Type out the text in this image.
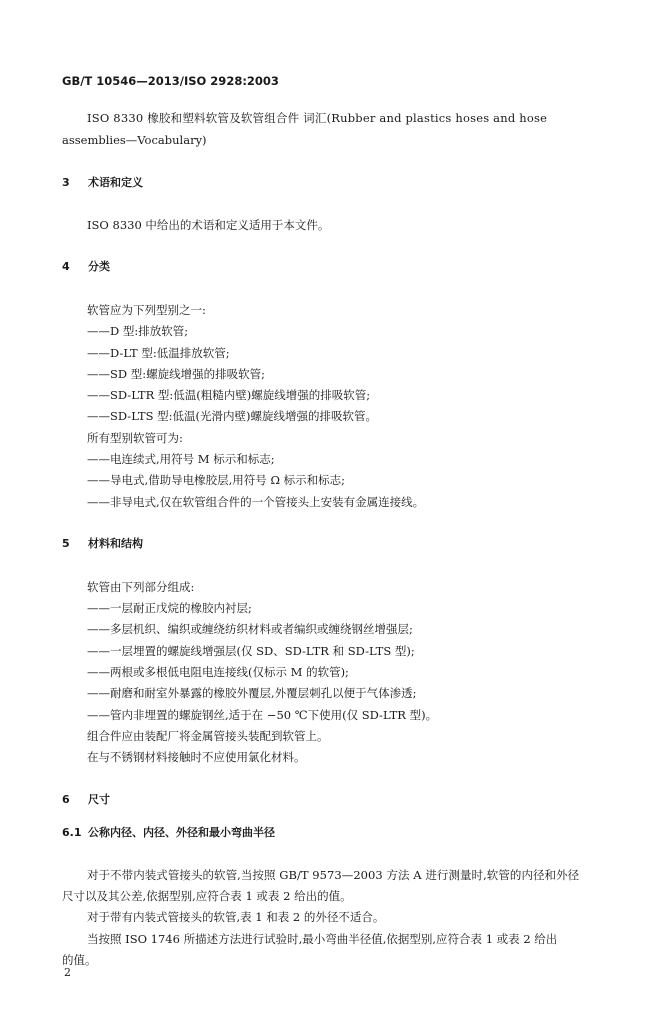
GB/T 10546—2013/ISO 2928:2003
ISO 8330 橡胶和塑料软管及软管组合件 词汇(Rubber and plastics hoses and hose
assemblies—Vocabulary)
3 术语和定义
ISO 8330 中给出的术语和定义适用于本文件。
4 分类
软管应为下列型别之一:
——D 型:排放软管;
——D-LT 型:低温排放软管;
——SD 型:螺旋线增强的排吸软管;
——SD-LTR 型:低温(粗糙内壁)螺旋线增强的排吸软管;
——SD-LTS 型:低温(光滑内壁)螺旋线增强的排吸软管。
所有型别软管可为:
——电连续式,用符号 M 标示和标志;
——导电式,借助导电橡胶层,用符号 Ω 标示和标志;
——非导电式,仅在软管组合件的一个管接头上安装有金属连接线。
5 材料和结构
软管由下列部分组成:
——一层耐正戊烷的橡胶内衬层;
——多层机织、编织或缠绕纺织材料或者编织或缠绕钢丝增强层;
——一层埋置的螺旋线增强层(仅 SD、SD-LTR 和 SD-LTS 型);
——两根或多根低电阻电连接线(仅标示 M 的软管);
——耐磨和耐室外暴露的橡胶外覆层,外覆层刺孔以便于气体渗透;
——管内非埋置的螺旋钢丝,适于在 −50 ℃下使用(仅 SD-LTR 型)。
组合件应由装配厂将金属管接头装配到软管上。
在与不锈钢材料接触时不应使用氯化材料。
6 尺寸
6.1 公称内径、内径、外径和最小弯曲半径
对于不带内装式管接头的软管,当按照 GB/T 9573—2003 方法 A 进行测量时,软管的内径和外径
尺寸以及其公差,依据型别,应符合表 1 或表 2 给出的值。
对于带有内装式管接头的软管,表 1 和表 2 的外径不适合。
当按照 ISO 1746 所描述方法进行试验时,最小弯曲半径值,依据型别,应符合表 1 或表 2 给出
的值。
2
